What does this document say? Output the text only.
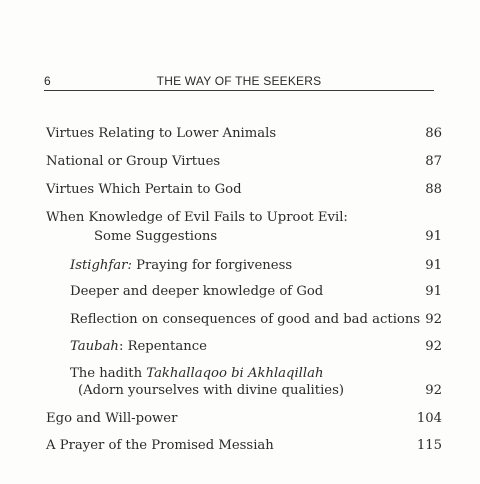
6	THE WAY OF THE SEEKERS
Virtues Relating to Lower Animals	86
National or Group Virtues	87
Virtues Which Pertain to God	88
When Knowledge of Evil Fails to Uproot Evil:
Some Suggestions	91
Istighfar: Praying for forgiveness	91
Deeper and deeper knowledge of God	91
Reflection on consequences of good and bad actions 92
Taubah: Repentance	92
The hadith Takhallaqoo bi Akhlaqillah
(Adorn yourselves with divine qualities)	92
Ego and Will-power	104
A Prayer of the Promised Messiah	115
